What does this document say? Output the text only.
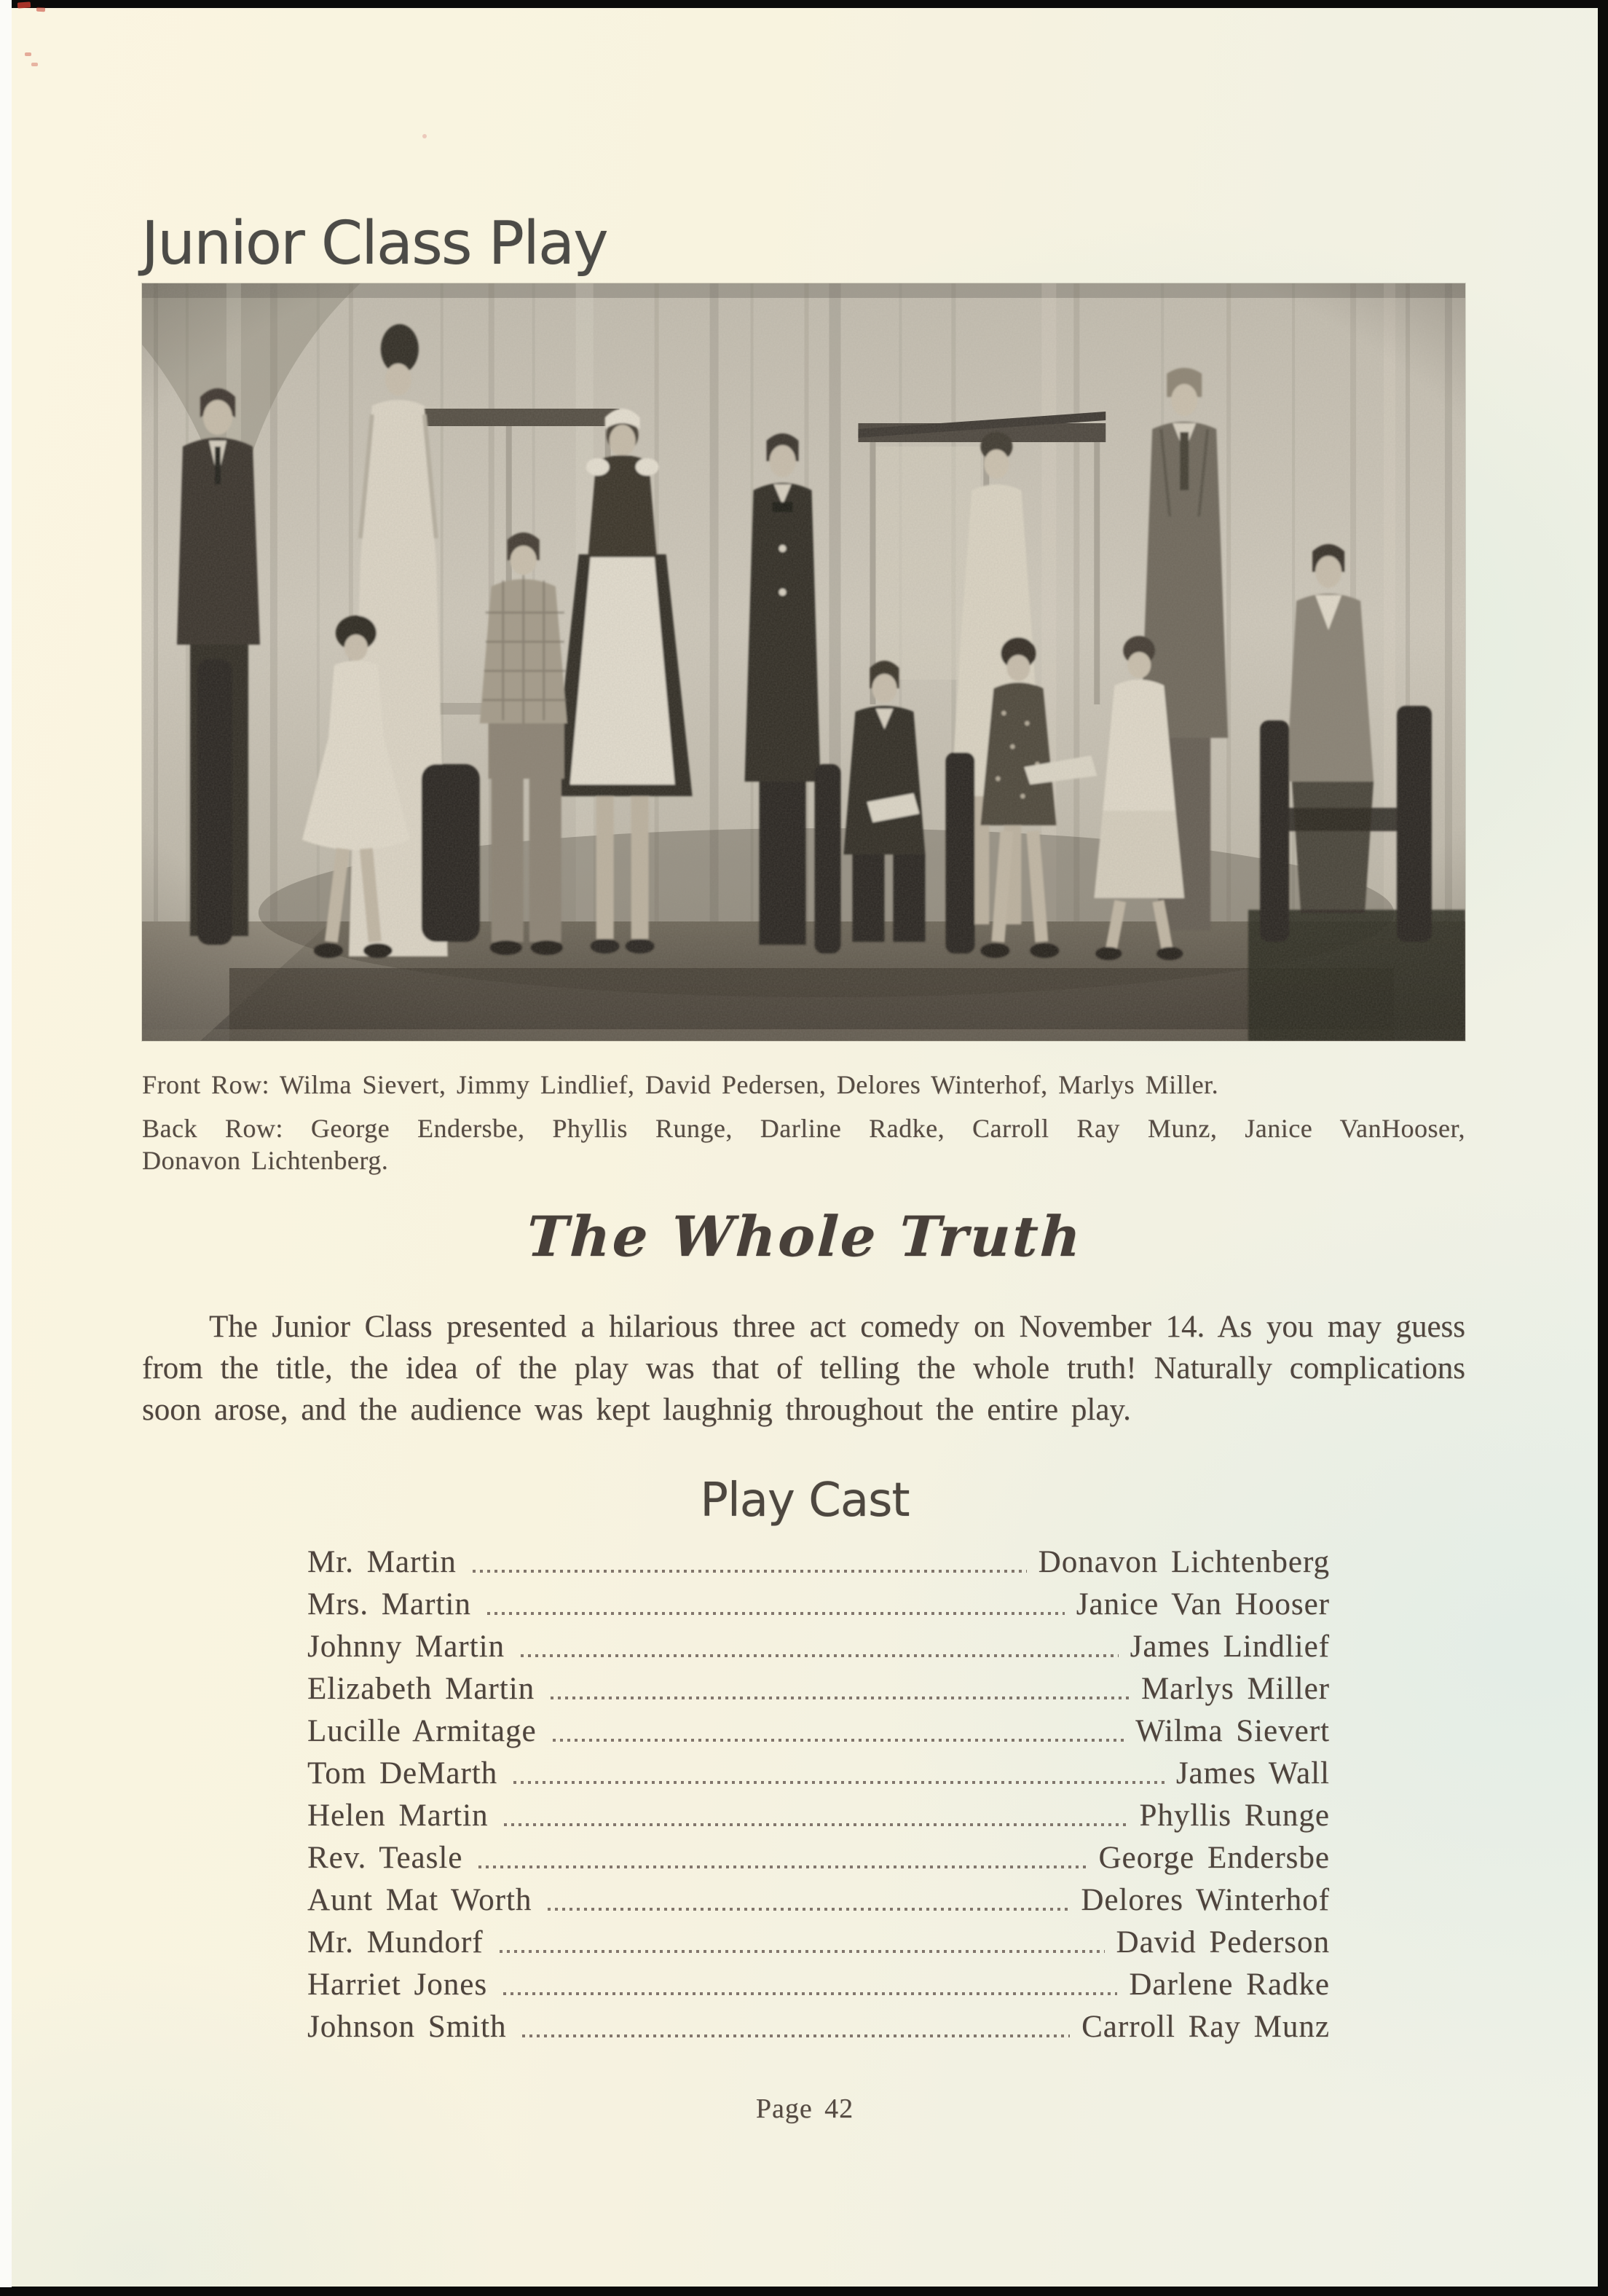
Junior Class Play

Front Row: Wilma Sievert, Jimmy Lindlief, David Pedersen, Delores Winterhof, Marlys Miller.

Back Row: George Endersbe, Phyllis Runge, Darline Radke, Carroll Ray Munz, Janice VanHooser,
Donavon Lichtenberg.

The Whole Truth
The Junior Class presented a hilarious three act comedy on November 14. As you may guess from the title, the idea of the play was that of telling the whole truth! Naturally complications soon arose, and the audience was kept laughnig throughout the entire play.
Play Cast
Mr. Martin	Donavon Lichtenberg
Mrs. Martin	Janice Van Hooser
Johnny Martin	James Lindlief
Elizabeth Martin	Marlys Miller
Lucille Armitage	Wilma Sievert
Tom DeMarth	James Wall
Helen Martin	Phyllis Runge
Rev. Teasle	George Endersbe
Aunt Mat Worth	Delores Winterhof
Mr. Mundorf	David Pederson
Harriet Jones	Darlene Radke
Johnson Smith	Carroll Ray Munz
Page 42
